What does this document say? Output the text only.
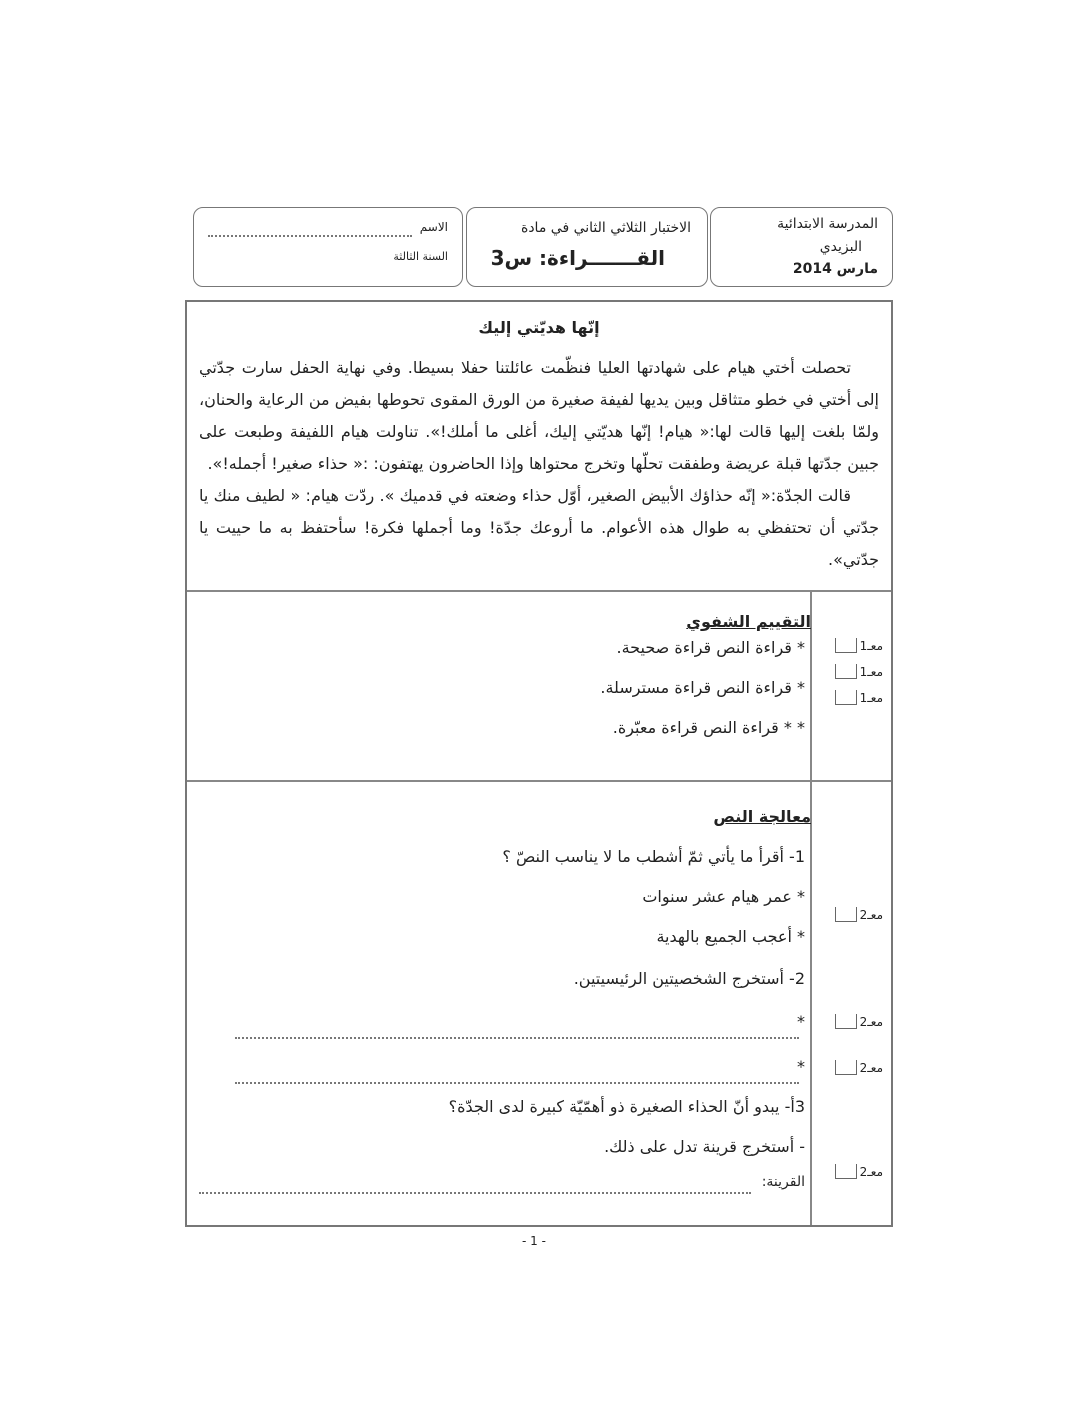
المدرسة الابتدائية
البزيدي
مارس 2014
الاختبار الثلاثي الثاني في مادة
القـــــــراءة: س3
الاسم
السنة الثالثة
إنّها هديّتي إليك

تحصلت أختي هيام على شهادتها العليا فنظّمت عائلتنا حفلا بسيطا. وفي نهاية الحفل سارت جدّتي إلى أختي في خطو متثاقل وبين يديها لفيفة صغيرة من الورق المقوى تحوطها بفيض من الرعاية والحنان، ولمّا بلغت إليها قالت لها:« هيام! إنّها هديّتي إليك، أغلى ما أملك!». تناولت هيام اللفيفة وطبعت على جبين جدّتها قبلة عريضة وطفقت تحلّها وتخرج محتواها وإذا الحاضرون يهتفون: :« حذاء صغير! أجمله!».

قالت الجدّة:« إنّه حذاؤك الأبيض الصغير، أوّل حذاء وضعته في قدميك ». ردّت هيام: « لطيف منك يا جدّتي أن تحتفظي به طوال هذه الأعوام. ما أروعك جدّة! وما أجملها فكرة! سأحتفظ به ما حييت يا جدّتي».

التقييم الشفوي
* قراءة النص قراءة صحيحة.
* قراءة النص قراءة مسترسلة.
* * قراءة النص قراءة معبّرة.
معـ1
معـ1
معـ1
معالجة النص
1- أقرأ ما يأتي ثمّ أشطب ما لا يناسب النصّ ؟
* عمر هيام عشر سنوات
* أعجب الجميع بالهدية
2- أستخرج الشخصيتين الرئيسيتين.
*
*
3أ- يبدو أنّ الحذاء الصغيرة ذو أهمّيّة كبيرة لدى الجدّة؟
- أستخرج قرينة تدل على ذلك.
القرينة:
معـ2
معـ2
معـ2
معـ2
- 1 -
